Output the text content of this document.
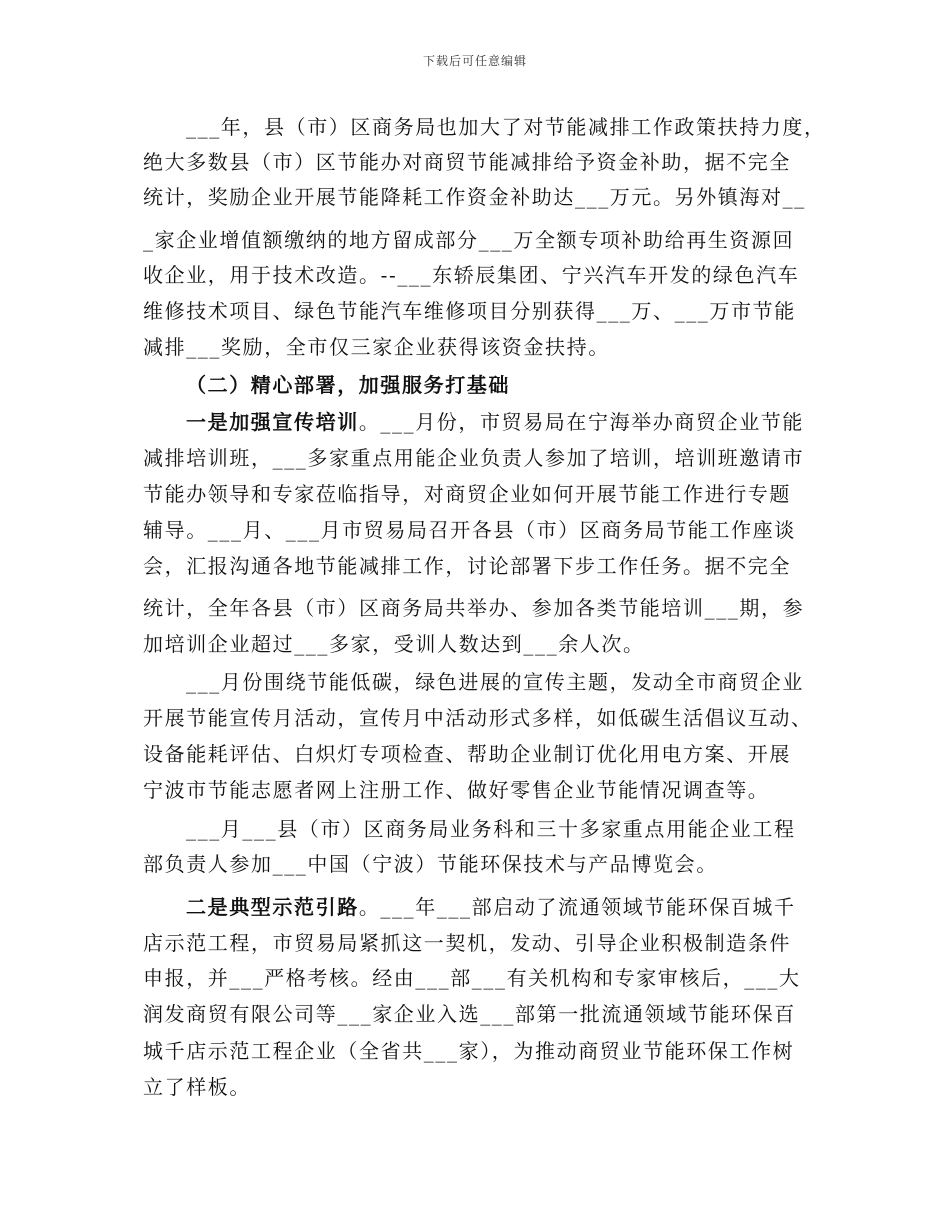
下载后可任意编辑
___年，县（市）区商务局也加大了对节能减排工作政策扶持力度，
绝大多数县（市）区节能办对商贸节能减排给予资金补助，据不完全
统计，奖励企业开展节能降耗工作资金补助达___万元。另外镇海对__
_家企业增值额缴纳的地方留成部分___万全额专项补助给再生资源回
收企业，用于技术改造。--___东轿辰集团、宁兴汽车开发的绿色汽车
维修技术项目、绿色节能汽车维修项目分别获得___万、___万市节能
减排___奖励，全市仅三家企业获得该资金扶持。
（二）精心部署，加强服务打基础
一是加强宣传培训。___月份，市贸易局在宁海举办商贸企业节能
减排培训班，___多家重点用能企业负责人参加了培训，培训班邀请市
节能办领导和专家莅临指导，对商贸企业如何开展节能工作进行专题
辅导。___月、___月市贸易局召开各县（市）区商务局节能工作座谈
会，汇报沟通各地节能减排工作，讨论部署下步工作任务。据不完全
统计，全年各县（市）区商务局共举办、参加各类节能培训___期，参
加培训企业超过___多家，受训人数达到___余人次。
___月份围绕节能低碳，绿色进展的宣传主题，发动全市商贸企业
开展节能宣传月活动，宣传月中活动形式多样，如低碳生活倡议互动、
设备能耗评估、白炽灯专项检查、帮助企业制订优化用电方案、开展
宁波市节能志愿者网上注册工作、做好零售企业节能情况调查等。
___月___县（市）区商务局业务科和三十多家重点用能企业工程
部负责人参加___中国（宁波）节能环保技术与产品博览会。
二是典型示范引路。___年___部启动了流通领域节能环保百城千
店示范工程，市贸易局紧抓这一契机，发动、引导企业积极制造条件
申报，并___严格考核。经由___部___有关机构和专家审核后，___大
润发商贸有限公司等___家企业入选___部第一批流通领域节能环保百
城千店示范工程企业（全省共___家），为推动商贸业节能环保工作树
立了样板。
